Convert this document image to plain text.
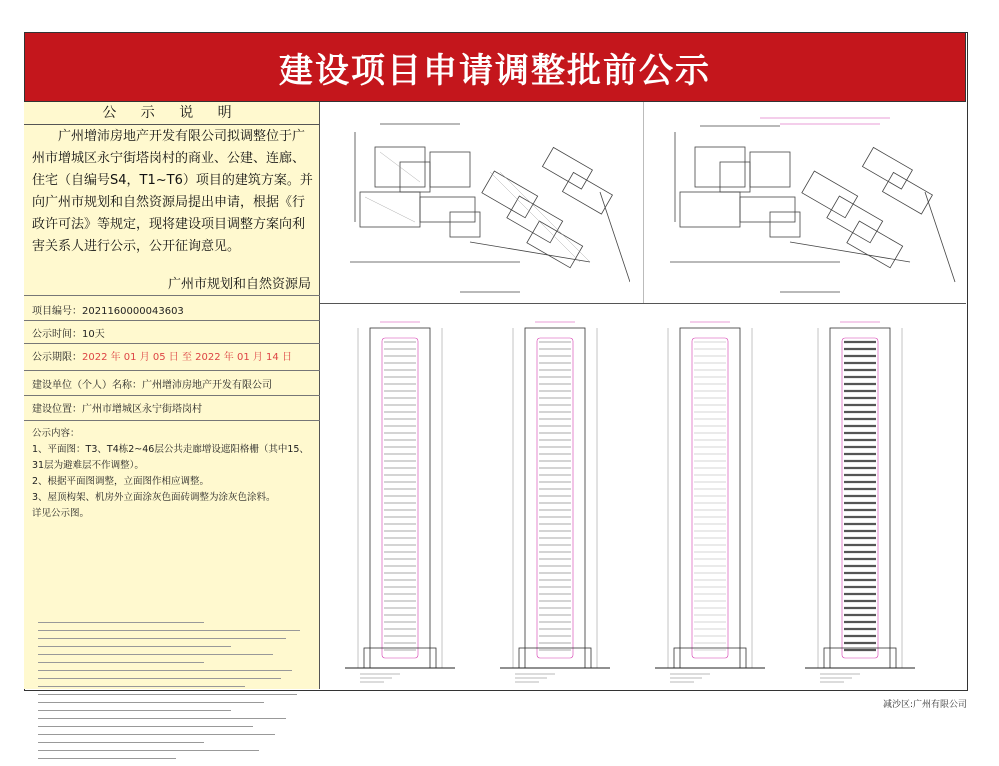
建设项目申请调整批前公示
公 示 说 明
广州增沛房地产开发有限公司拟调整位于广州市增城区永宁街塔岗村的商业、公建、连廊、住宅（自编号S4，T1~T6）项目的建筑方案。并向广州市规划和自然资源局提出申请，根据《行政许可法》等规定，现将建设项目调整方案向利害关系人进行公示，公开征询意见。
广州市规划和自然资源局
项目编号：2021160000043603
公示时间：10天
公示期限：2022 年 01 月 05 日 至 2022 年 01 月 14 日
建设单位（个人）名称：广州增沛房地产开发有限公司
建设位置：广州市增城区永宁街塔岗村

公示内容：

1、平面图：T3、T4栋2~46层公共走廊增设遮阳格栅（其中15、31层为避难层不作调整）。

2、根据平面图调整，立面图作相应调整。

3、屋顶构架、机房外立面涂灰色面砖调整为涂灰色涂料。

详见公示图。

减沙区:广州有限公司
